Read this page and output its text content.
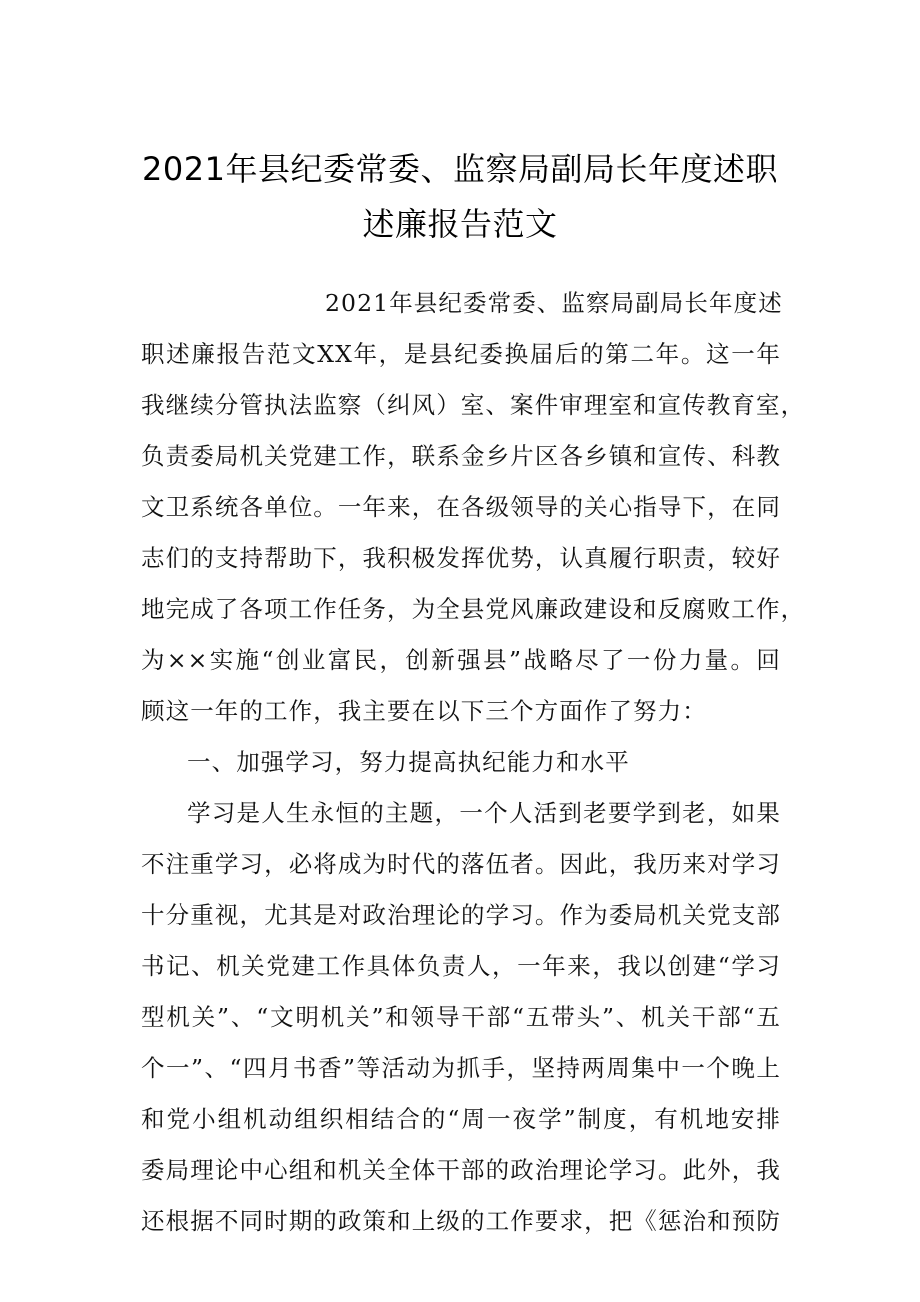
2021年县纪委常委、监察局副局长年度述职
述廉报告范文
2021年县纪委常委、监察局副局长年度述
职述廉报告范文XX年，是县纪委换届后的第二年。这一年
我继续分管执法监察（纠风）室、案件审理室和宣传教育室，
负责委局机关党建工作，联系金乡片区各乡镇和宣传、科教
文卫系统各单位。一年来，在各级领导的关心指导下，在同
志们的支持帮助下，我积极发挥优势，认真履行职责，较好
地完成了各项工作任务，为全县党风廉政建设和反腐败工作，
为××实施“创业富民，创新强县”战略尽了一份力量。回
顾这一年的工作，我主要在以下三个方面作了努力：
一、加强学习，努力提高执纪能力和水平
学习是人生永恒的主题，一个人活到老要学到老，如果
不注重学习，必将成为时代的落伍者。因此，我历来对学习
十分重视，尤其是对政治理论的学习。作为委局机关党支部
书记、机关党建工作具体负责人，一年来，我以创建“学习
型机关”、“文明机关”和领导干部“五带头”、机关干部“五
个一”、“四月书香”等活动为抓手，坚持两周集中一个晚上
和党小组机动组织相结合的“周一夜学”制度，有机地安排
委局理论中心组和机关全体干部的政治理论学习。此外，我
还根据不同时期的政策和上级的工作要求，把《惩治和预防
